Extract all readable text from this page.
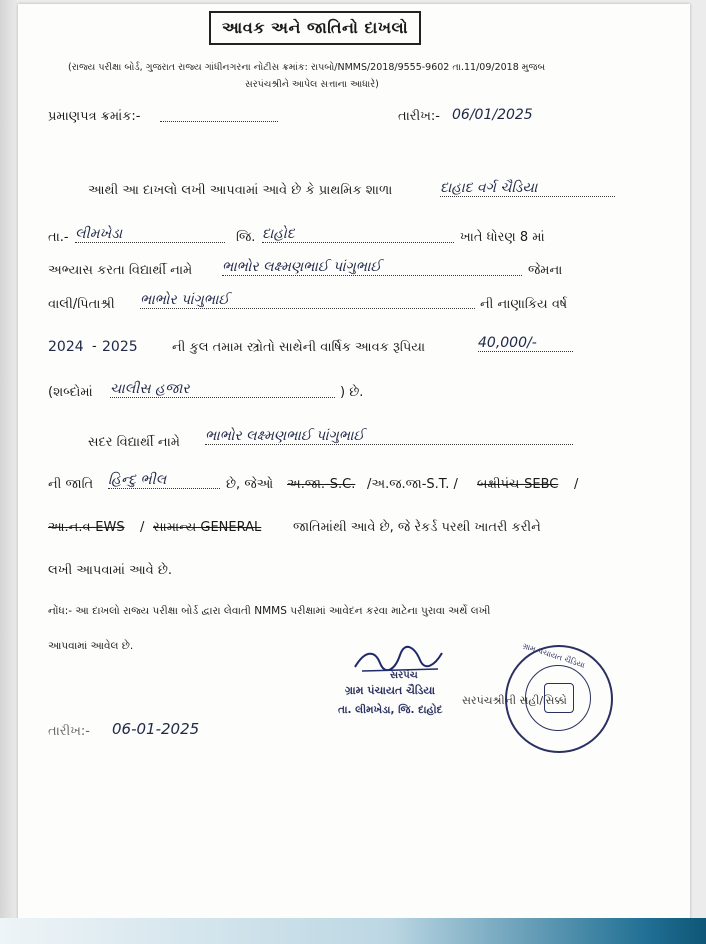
આવક અને જાતિનો દાખલો
(રાજ્ય પરીક્ષા બોર્ડ, ગુજરાત રાજ્ય ગાંધીનગરના નોટીસ ક્રમાંક: રાપબો/NMMS/2018/9555-9602 તા.11/09/2018 મુજબ
સરપંચશ્રીને આપેલ સત્તાના આધારે)
પ્રમાણપત્ર ક્રમાંક:-	તારીખ:- 06/01/2025
આથી આ દાખલો લખી આપવામાં આવે છે કે પ્રાથમિક શાળા	દાહાદ વર્ગ ચૈડિયા
તા.- લીમખેડા	જિ. દાહોદ	ખાતે ધોરણ 8 માં
અભ્યાસ કરતા વિદ્યાર્થી નામે ભાભોર લક્ષ્મણભાઈ પાંગુભાઈ	જેમના
વાલી/પિતાશ્રી ભાભોર પાંગુભાઈ	ની નાણાકિય વર્ષ
2024 - 2025	ની કુલ તમામ સ્ત્રોતો સાથેની વાર્ષિક આવક રૂપિયા	40,000/-
(શબ્દોમાં ચાલીસ હજાર	) છે.
સદર વિદ્યાર્થી નામે ભાભોર લક્ષ્મણભાઈ પાંગુભાઈ
ની જાતિ હિન્દુ ભીલ	છે, જેઓ અ.જા.-S.C. /અ.જ.જા-S.T. / બક્ષીપંચ-SEBC /
આ.ન.વ-EWS / સામાન્ય GENERAL જાતિમાંથી આવે છે, જે રેકર્ડ પરથી ખાતરી કરીને
લખી આપવામાં આવે છે.
નોંધ:- આ દાખલો રાજ્ય પરીક્ષા બોર્ડ દ્વારા લેવાતી NMMS પરીક્ષામાં આવેદન કરવા માટેના પુરાવા અર્થે લખી
આપવામાં આવેલ છે.
સરપંચ
ગ્રામ પંચાયત ચૈડિયા
તા. લીમખેડા, જિ. દાહોદ
સરપંચશ્રીની સહી/સિક્કો
ગ્રામ પંચાયત ચૈડિયા
તારીખ:- 06-01-2025
